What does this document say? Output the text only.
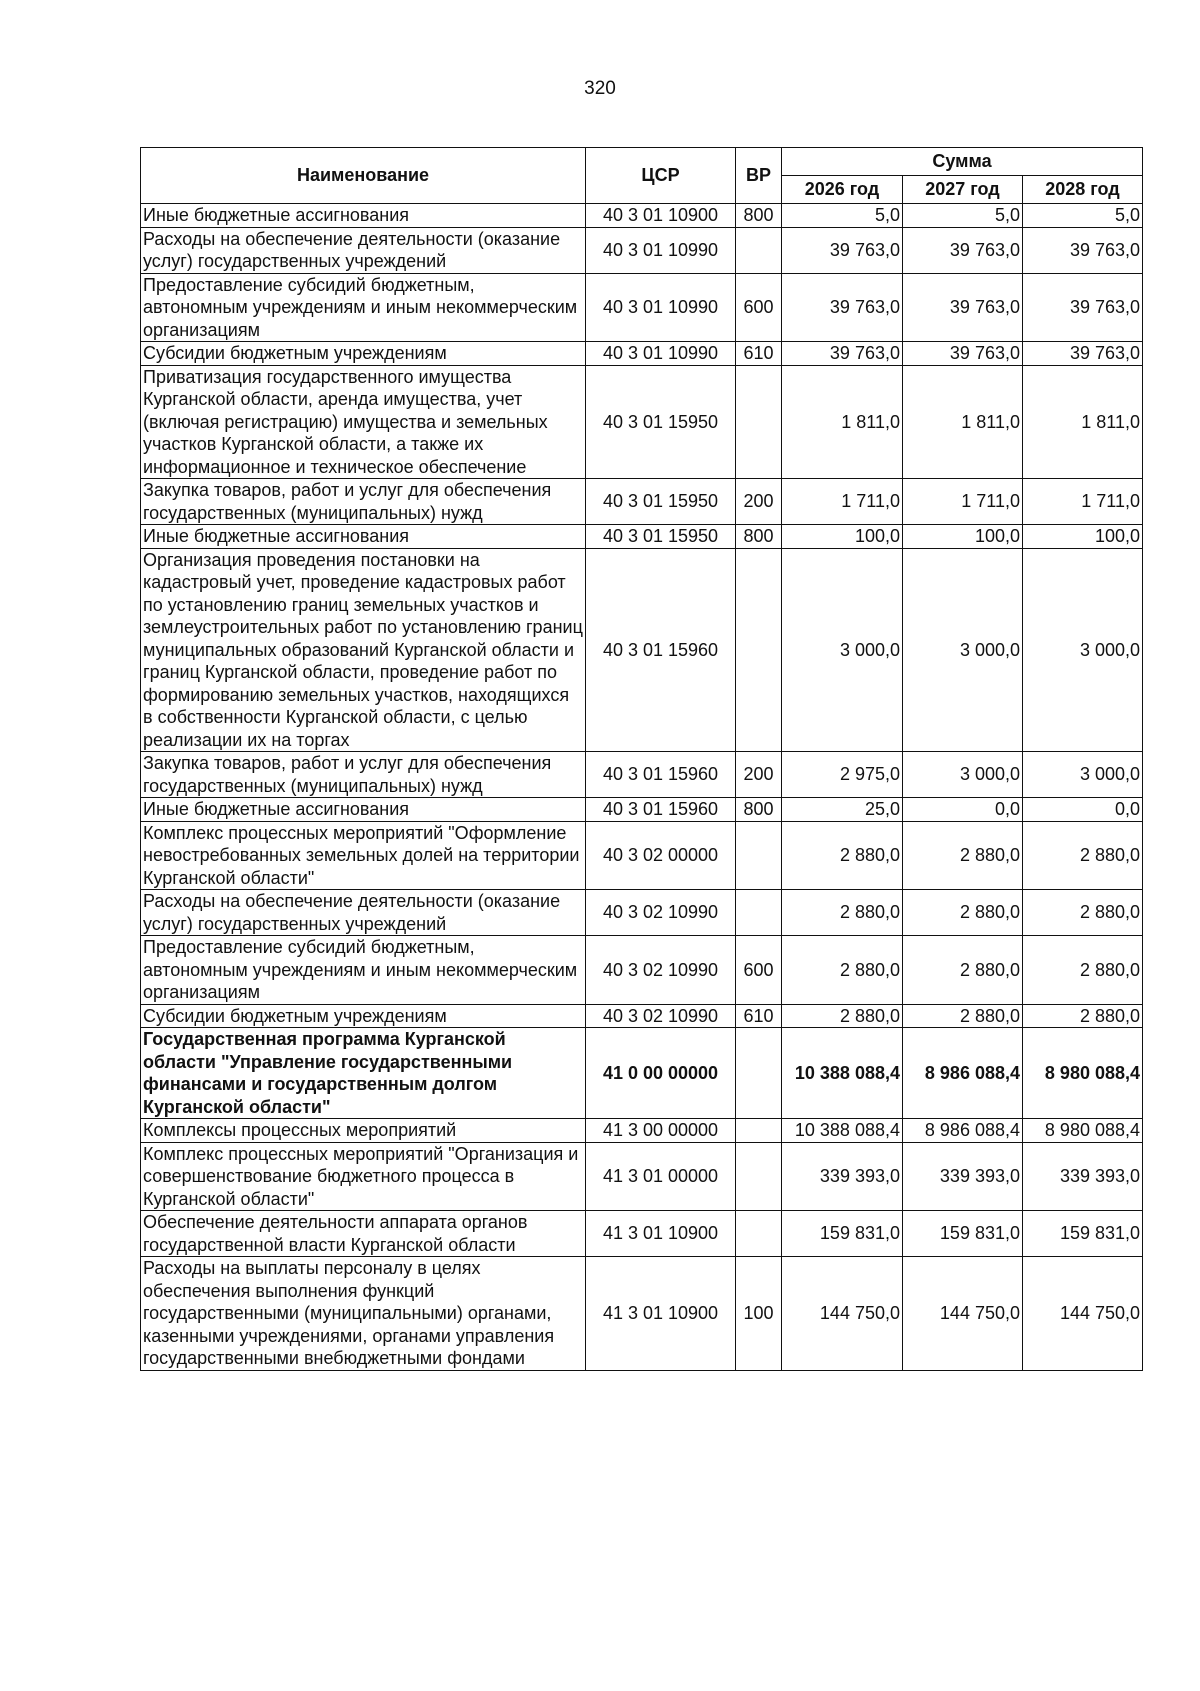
320
Наименование	ЦСР	ВР	Сумма		
			2026 год	2027 год	2028 год
Иные бюджетные ассигнования	40 3 01 10900	800	5,0	5,0	5,0
Расходы на обеспечение деятельности (оказание услуг) государственных учреждений	40 3 01 10990		39 763,0	39 763,0	39 763,0
Предоставление субсидий бюджетным, автономным учреждениям и иным некоммерческим организациям	40 3 01 10990	600	39 763,0	39 763,0	39 763,0
Субсидии бюджетным учреждениям	40 3 01 10990	610	39 763,0	39 763,0	39 763,0
Приватизация государственного имущества Курганской области, аренда имущества, учет (включая регистрацию) имущества и земельных участков Курганской области, а также их информационное и техническое обеспечение	40 3 01 15950		1 811,0	1 811,0	1 811,0
Закупка товаров, работ и услуг для обеспечения государственных (муниципальных) нужд	40 3 01 15950	200	1 711,0	1 711,0	1 711,0
Иные бюджетные ассигнования	40 3 01 15950	800	100,0	100,0	100,0
Организация проведения постановки на кадастровый учет, проведение кадастровых работ по установлению границ земельных участков и землеустроительных работ по установлению границ муниципальных образований Курганской области и границ Курганской области, проведение работ по формированию земельных участков, находящихся в собственности Курганской области, с целью реализации их на торгах	40 3 01 15960		3 000,0	3 000,0	3 000,0
Закупка товаров, работ и услуг для обеспечения государственных (муниципальных) нужд	40 3 01 15960	200	2 975,0	3 000,0	3 000,0
Иные бюджетные ассигнования	40 3 01 15960	800	25,0	0,0	0,0
Комплекс процессных мероприятий "Оформление невостребованных земельных долей на территории Курганской области"	40 3 02 00000		2 880,0	2 880,0	2 880,0
Расходы на обеспечение деятельности (оказание услуг) государственных учреждений	40 3 02 10990		2 880,0	2 880,0	2 880,0
Предоставление субсидий бюджетным, автономным учреждениям и иным некоммерческим организациям	40 3 02 10990	600	2 880,0	2 880,0	2 880,0
Субсидии бюджетным учреждениям	40 3 02 10990	610	2 880,0	2 880,0	2 880,0
Государственная программа Курганской области "Управление государственными финансами и государственным долгом Курганской области"	41 0 00 00000		10 388 088,4	8 986 088,4	8 980 088,4
Комплексы процессных мероприятий	41 3 00 00000		10 388 088,4	8 986 088,4	8 980 088,4
Комплекс процессных мероприятий "Организация и совершенствование бюджетного процесса в Курганской области"	41 3 01 00000		339 393,0	339 393,0	339 393,0
Обеспечение деятельности аппарата органов государственной власти Курганской области	41 3 01 10900		159 831,0	159 831,0	159 831,0
Расходы на выплаты персоналу в целях обеспечения выполнения функций государственными (муниципальными) органами, казенными учреждениями, органами управления государственными внебюджетными фондами	41 3 01 10900	100	144 750,0	144 750,0	144 750,0
